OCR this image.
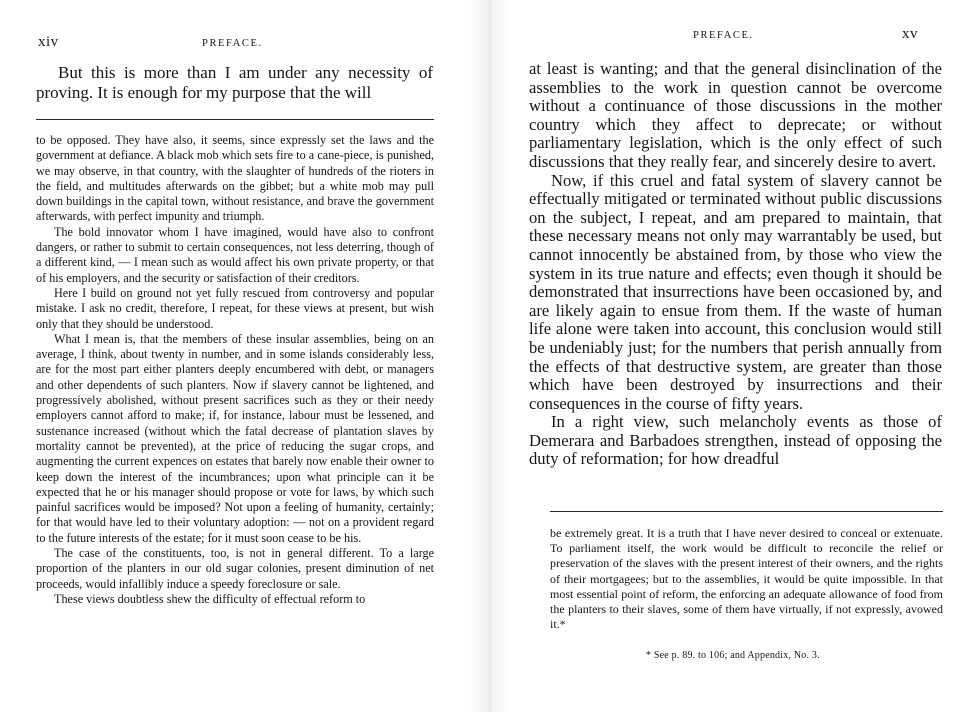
xiv	PREFACE.

But this is more than I am under any necessity of proving. It is enough for my purpose that the will

to be opposed. They have also, it seems, since expressly set the laws and the government at defiance. A black mob which sets fire to a cane-piece, is punished, we may observe, in that country, with the slaughter of hundreds of the rioters in the field, and multitudes afterwards on the gibbet; but a white mob may pull down buildings in the capital town, without resistance, and brave the government afterwards, with perfect impunity and triumph.

The bold innovator whom I have imagined, would have also to confront dangers, or rather to submit to certain consequences, not less deterring, though of a different kind, — I mean such as would affect his own private property, or that of his employers, and the security or satisfaction of their creditors.

Here I build on ground not yet fully rescued from controversy and popular mistake. I ask no credit, therefore, I repeat, for these views at present, but wish only that they should be understood.

What I mean is, that the members of these insular assemblies, being on an average, I think, about twenty in number, and in some islands considerably less, are for the most part either planters deeply encumbered with debt, or managers and other dependents of such planters. Now if slavery cannot be lightened, and progressively abolished, without present sacrifices such as they or their needy employers cannot afford to make; if, for instance, labour must be lessened, and sustenance increased (without which the fatal decrease of plantation slaves by mortality cannot be prevented), at the price of reducing the sugar crops, and augmenting the current expences on estates that barely now enable their owner to keep down the interest of the incumbrances; upon what principle can it be expected that he or his manager should propose or vote for laws, by which such painful sacrifices would be imposed? Not upon a feeling of humanity, certainly; for that would have led to their voluntary adoption: — not on a provident regard to the future interests of the estate; for it must soon cease to be his.

The case of the constituents, too, is not in general different. To a large proportion of the planters in our old sugar colonies, present diminution of net proceeds, would infallibly induce a speedy foreclosure or sale.

These views doubtless shew the difficulty of effectual reform to

PREFACE.	xv

at least is wanting; and that the general disinclination of the assemblies to the work in question cannot be overcome without a continuance of those discussions in the mother country which they affect to deprecate; or without parliamentary legislation, which is the only effect of such discussions that they really fear, and sincerely desire to avert.

Now, if this cruel and fatal system of slavery cannot be effectually mitigated or terminated without public discussions on the subject, I repeat, and am prepared to maintain, that these necessary means not only may warrantably be used, but cannot innocently be abstained from, by those who view the system in its true nature and effects; even though it should be demonstrated that insurrections have been occasioned by, and are likely again to ensue from them. If the waste of human life alone were taken into account, this conclusion would still be undeniably just; for the numbers that perish annually from the effects of that destructive system, are greater than those which have been destroyed by insurrections and their consequences in the course of fifty years.

In a right view, such melancholy events as those of Demerara and Barbadoes strengthen, instead of opposing the duty of reformation; for how dreadful

be extremely great. It is a truth that I have never desired to conceal or extenuate. To parliament itself, the work would be difficult to reconcile the relief or preservation of the slaves with the present interest of their owners, and the rights of their mortgagees; but to the assemblies, it would be quite impossible. In that most essential point of reform, the enforcing an adequate allowance of food from the planters to their slaves, some of them have virtually, if not expressly, avowed it.*

* See p. 89. to 106; and Appendix, No. 3.
